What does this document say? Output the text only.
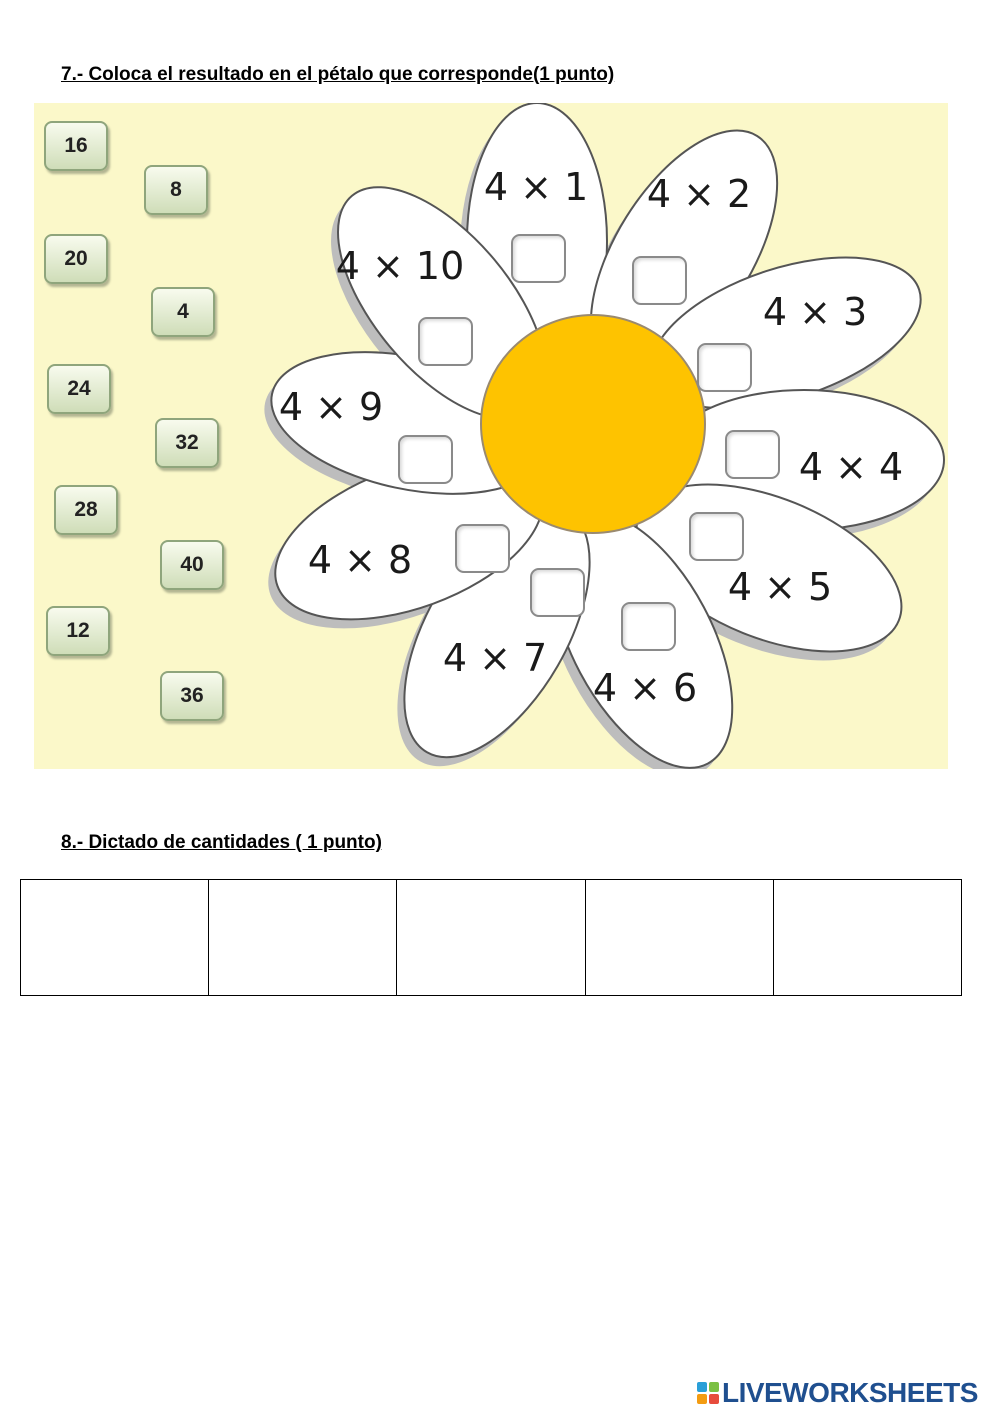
7.- Coloca el resultado en el pétalo que corresponde(1 punto)
4 × 1 4 × 2
4 × 3
4 × 4
4 × 5
4 × 6
4 × 7
4 × 8
4 × 9
4 × 10
16
8
20
4
24
32
28
40
12
36
8.- Dictado de cantidades ( 1 punto)

LIVEWORKSHEETS
